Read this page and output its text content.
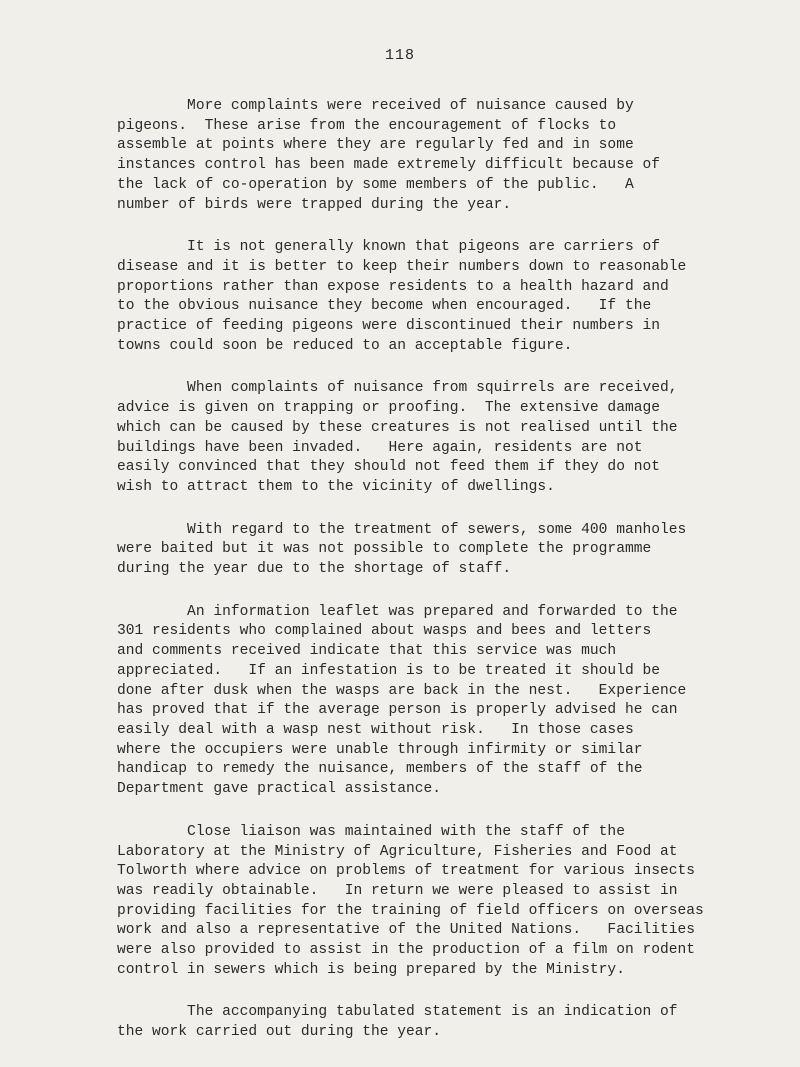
118

More complaints were received of nuisance caused by
pigeons.  These arise from the encouragement of flocks to
assemble at points where they are regularly fed and in some
instances control has been made extremely difficult because of
the lack of co-operation by some members of the public.   A
number of birds were trapped during the year.

It is not generally known that pigeons are carriers of
disease and it is better to keep their numbers down to reasonable
proportions rather than expose residents to a health hazard and
to the obvious nuisance they become when encouraged.   If the
practice of feeding pigeons were discontinued their numbers in
towns could soon be reduced to an acceptable figure.

When complaints of nuisance from squirrels are received,
advice is given on trapping or proofing.  The extensive damage
which can be caused by these creatures is not realised until the
buildings have been invaded.   Here again, residents are not
easily convinced that they should not feed them if they do not
wish to attract them to the vicinity of dwellings.

With regard to the treatment of sewers, some 400 manholes
were baited but it was not possible to complete the programme
during the year due to the shortage of staff.

An information leaflet was prepared and forwarded to the
301 residents who complained about wasps and bees and letters
and comments received indicate that this service was much
appreciated.   If an infestation is to be treated it should be
done after dusk when the wasps are back in the nest.   Experience
has proved that if the average person is properly advised he can
easily deal with a wasp nest without risk.   In those cases
where the occupiers were unable through infirmity or similar
handicap to remedy the nuisance, members of the staff of the
Department gave practical assistance.

Close liaison was maintained with the staff of the
Laboratory at the Ministry of Agriculture, Fisheries and Food at
Tolworth where advice on problems of treatment for various insects
was readily obtainable.   In return we were pleased to assist in
providing facilities for the training of field officers on overseas
work and also a representative of the United Nations.   Facilities
were also provided to assist in the production of a film on rodent
control in sewers which is being prepared by the Ministry.

The accompanying tabulated statement is an indication of
the work carried out during the year.
